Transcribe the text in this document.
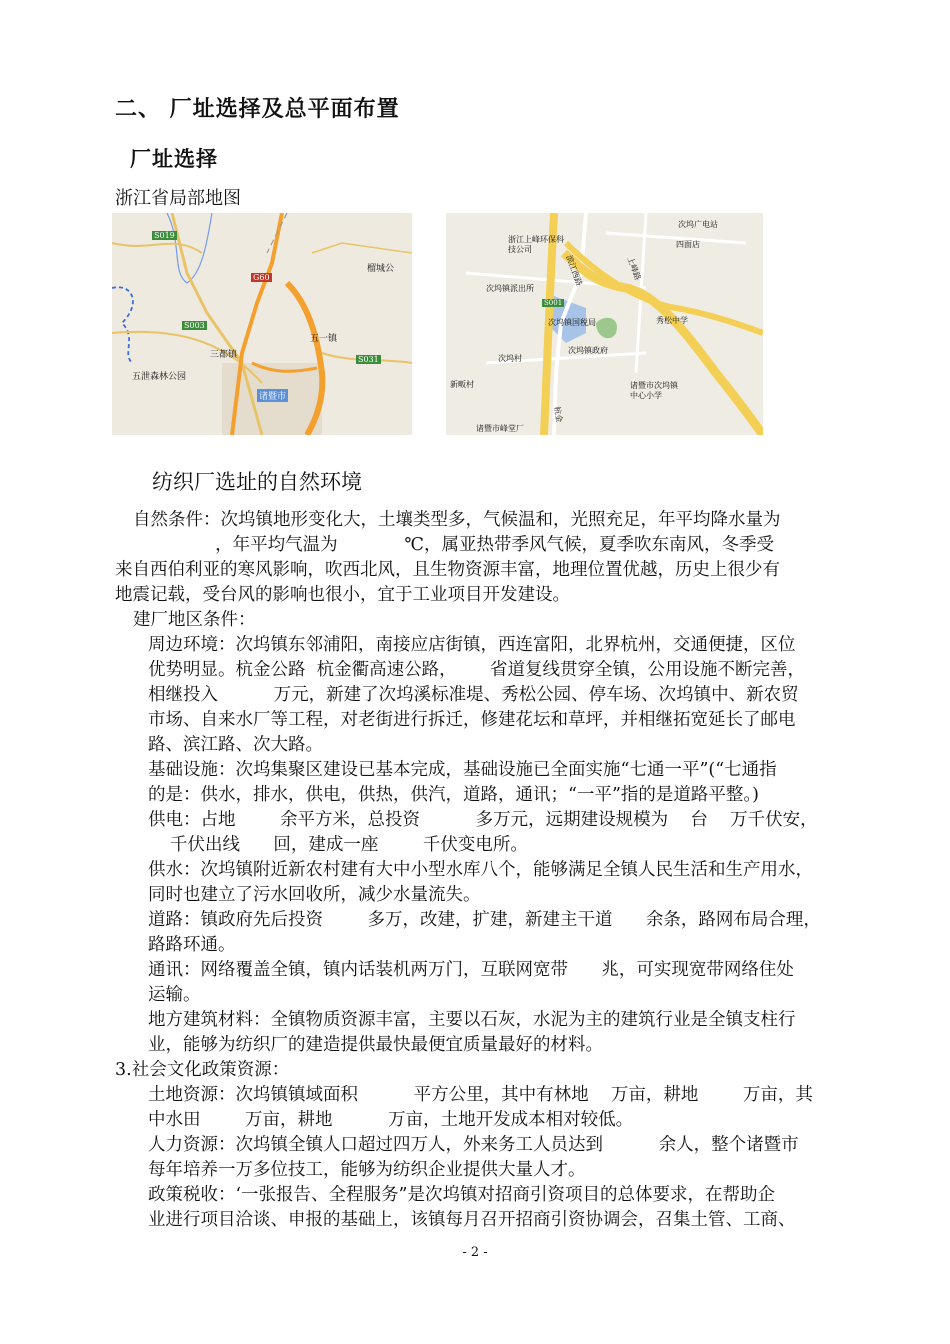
二、 厂址选择及总平面布置
厂址选择
浙江省局部地图
S019
G60
S003
S031
榴城公
五一镇
三都镇
五泄森林公园
诸暨市
次坞广电站
四面店
浙江上峰环保科技公司
上峰路
滨江西路
次坞镇派出所
S001
次坞镇国税局	秀松中学
次坞村
次坞镇政府
新畈村	诸暨市次坞镇中心小学
诸暨市峰堂厂
杭金
纺织厂选址的自然环境
自然条件：次坞镇地形变化大，土壤类型多，气候温和，光照充足，年平均降水量为
，年平均气温为            ℃，属亚热带季风气候，夏季吹东南风，冬季受
来自西伯利亚的寒风影响，吹西北风，且生物资源丰富，地理位置优越，历史上很少有
地震记载，受台风的影响也很小，宜于工业项目开发建设。
建厂地区条件：
周边环境：次坞镇东邻浦阳，南接应店街镇，西连富阳，北界杭州，交通便捷，区位
优势明显。杭金公路  杭金衢高速公路，      省道复线贯穿全镇，公用设施不断完善，
相继投入          万元，新建了次坞溪标准堤、秀松公园、停车场、次坞镇中、新农贸
市场、自来水厂等工程，对老街进行拆迁，修建花坛和草坪，并相继拓宽延长了邮电
路、滨江路、次大路。
基础设施：次坞集聚区建设已基本完成，基础设施已全面实施“七通一平”(“七通指
的是：供水，排水，供电，供热，供汽，道路，通讯；“一平”指的是道路平整。)
供电：占地        余平方米，总投资          多万元，远期建设规模为    台    万千伏安，
千伏出线      回，建成一座        千伏变电所。
供水：次坞镇附近新农村建有大中小型水库八个，能够满足全镇人民生活和生产用水，
同时也建立了污水回收所，减少水量流失。
道路：镇政府先后投资        多万，改建，扩建，新建主干道      余条，路网布局合理，
路路环通。
通讯：网络覆盖全镇，镇内话装机两万门，互联网宽带      兆，可实现宽带网络住处
运输。
地方建筑材料：全镇物质资源丰富，主要以石灰，水泥为主的建筑行业是全镇支柱行
业，能够为纺织厂的建造提供最快最便宜质量最好的材料。
3.社会文化政策资源：
土地资源：次坞镇镇域面积          平方公里，其中有林地    万亩，耕地        万亩，其
中水田        万亩，耕地          万亩，土地开发成本相对较低。
人力资源：次坞镇全镇人口超过四万人，外来务工人员达到          余人，整个诸暨市
每年培养一万多位技工，能够为纺织企业提供大量人才。
政策税收：‘一张报告、全程服务”是次坞镇对招商引资项目的总体要求，在帮助企
业进行项目洽谈、申报的基础上，该镇每月召开招商引资协调会，召集土管、工商、
- 2 -
